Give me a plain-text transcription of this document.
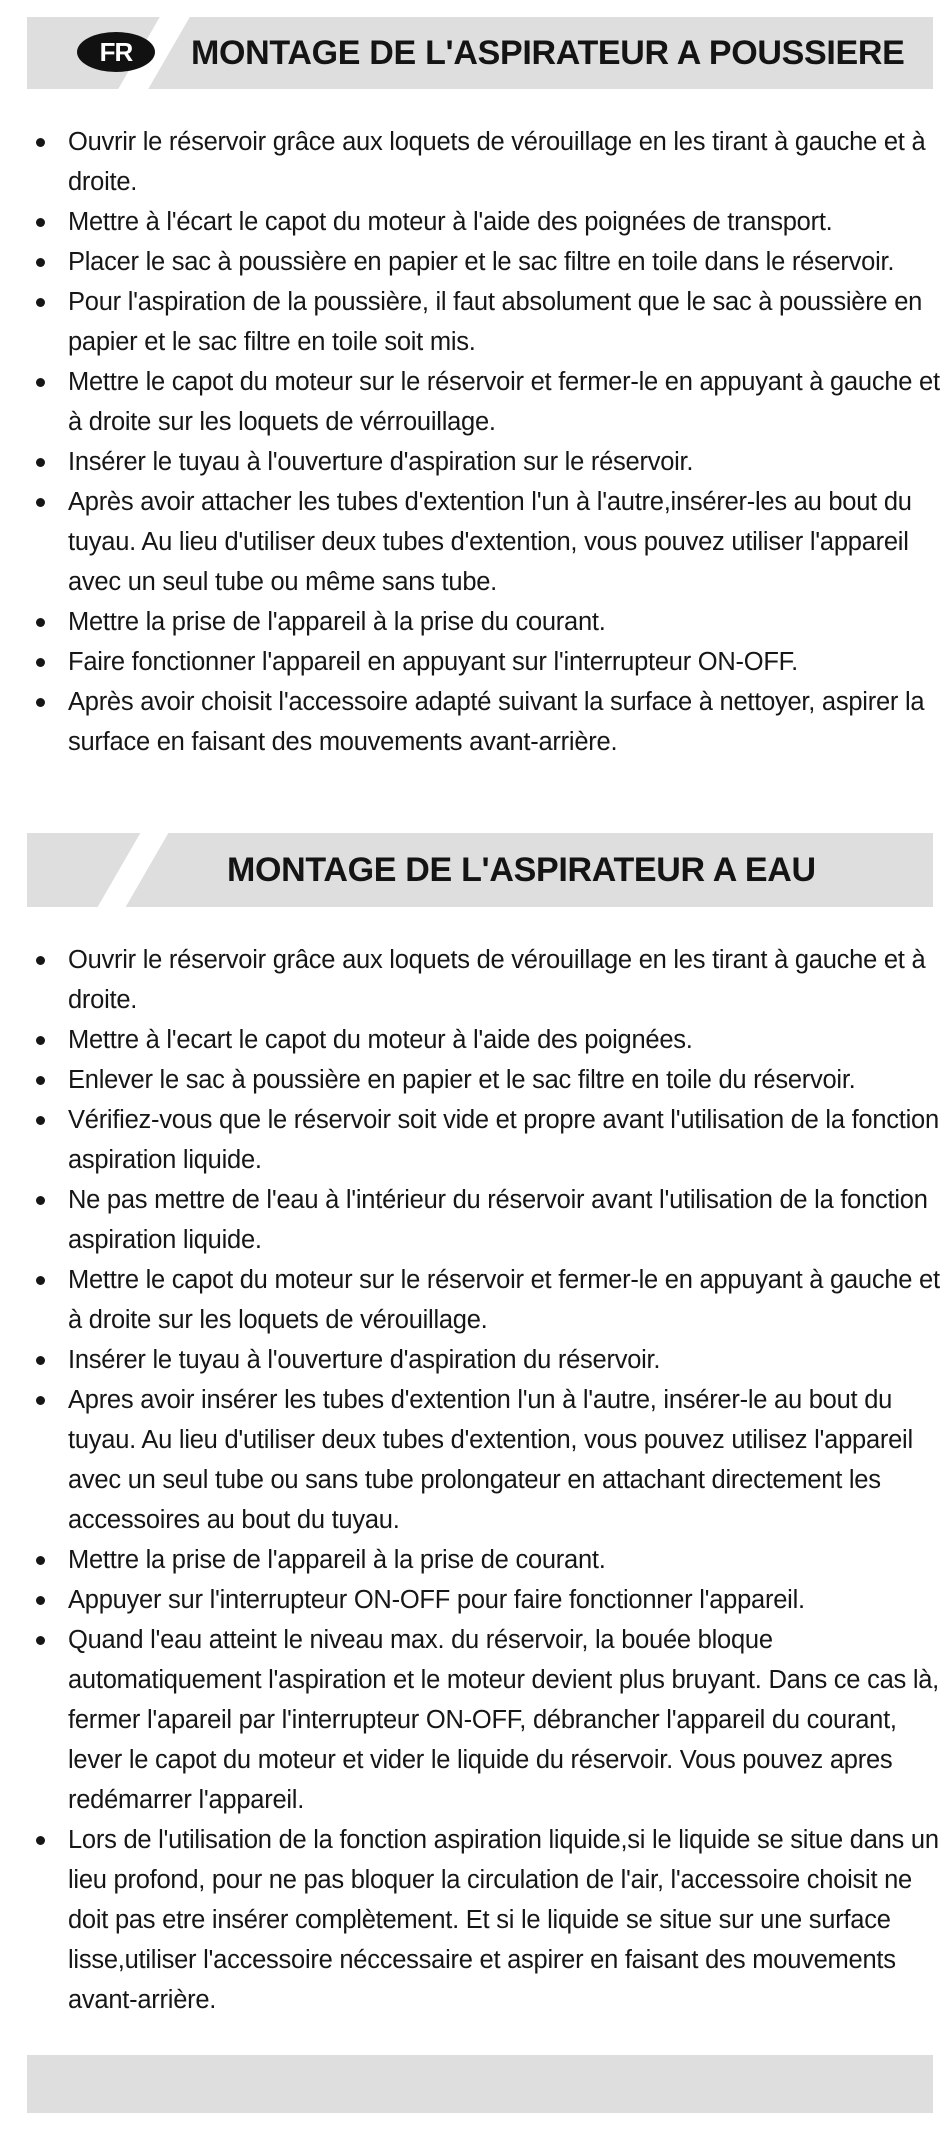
FR	MONTAGE DE L'ASPIRATEUR A POUSSIERE
Ouvrir le réservoir grâce aux loquets de vérouillage en les tirant à gauche et à droite.
Mettre à l'écart le capot du moteur à l'aide des poignées de transport.
Placer le sac à poussière en papier et le sac filtre en toile dans le réservoir.
Pour l'aspiration de la poussière, il faut absolument que le sac à poussière en papier et le sac filtre en toile soit mis.
Mettre le capot du moteur sur le réservoir et fermer-le en appuyant à gauche et à droite sur les loquets de vérrouillage.
Insérer le tuyau à l'ouverture d'aspiration sur le réservoir.
Après avoir attacher les tubes d'extention l'un à l'autre,insérer-les au bout du tuyau. Au lieu d'utiliser deux tubes d'extention, vous pouvez utiliser l'appareil avec un seul tube ou même sans tube.
Mettre la prise de l'appareil à la prise du courant.
Faire fonctionner l'appareil en appuyant sur l'interrupteur ON-OFF.
Après avoir choisit l'accessoire adapté suivant la surface à nettoyer, aspirer la surface en faisant des mouvements avant-arrière.
MONTAGE DE L'ASPIRATEUR A EAU
Ouvrir le réservoir grâce aux loquets de vérouillage en les tirant à gauche et à droite.
Mettre à l'ecart le capot du moteur à l'aide des poignées.
Enlever le sac à poussière en papier et le sac filtre en toile du réservoir.
Vérifiez-vous que le réservoir soit vide et propre avant l'utilisation de la fonction aspiration liquide.
Ne pas mettre de l'eau à l'intérieur du réservoir avant l'utilisation de la fonction aspiration liquide.
Mettre le capot du moteur sur le réservoir et fermer-le en appuyant à gauche et à droite sur les loquets de vérouillage.
Insérer le tuyau à l'ouverture d'aspiration du réservoir.
Apres avoir insérer les tubes d'extention l'un à l'autre, insérer-le au bout du tuyau. Au lieu d'utiliser deux tubes d'extention, vous pouvez utilisez l'appareil avec un seul tube ou sans tube prolongateur en attachant directement les accessoires au bout du tuyau.
Mettre la prise de l'appareil à la prise de courant.
Appuyer sur l'interrupteur ON-OFF pour faire fonctionner l'appareil.
Quand l'eau atteint le niveau max. du réservoir, la bouée bloque automatiquement l'aspiration et le moteur devient plus bruyant. Dans ce cas là, fermer l'apareil par l'interrupteur ON-OFF, débrancher l'appareil du courant, lever le capot du moteur et vider le liquide du réservoir. Vous pouvez apres redémarrer l'appareil.
Lors de l'utilisation de la fonction aspiration liquide,si le liquide se situe dans un lieu profond, pour ne pas bloquer la circulation de l'air, l'accessoire choisit ne doit pas etre insérer complètement. Et si le liquide se situe sur une surface lisse,utiliser l'accessoire néccessaire et aspirer en faisant des mouvements avant-arrière.
